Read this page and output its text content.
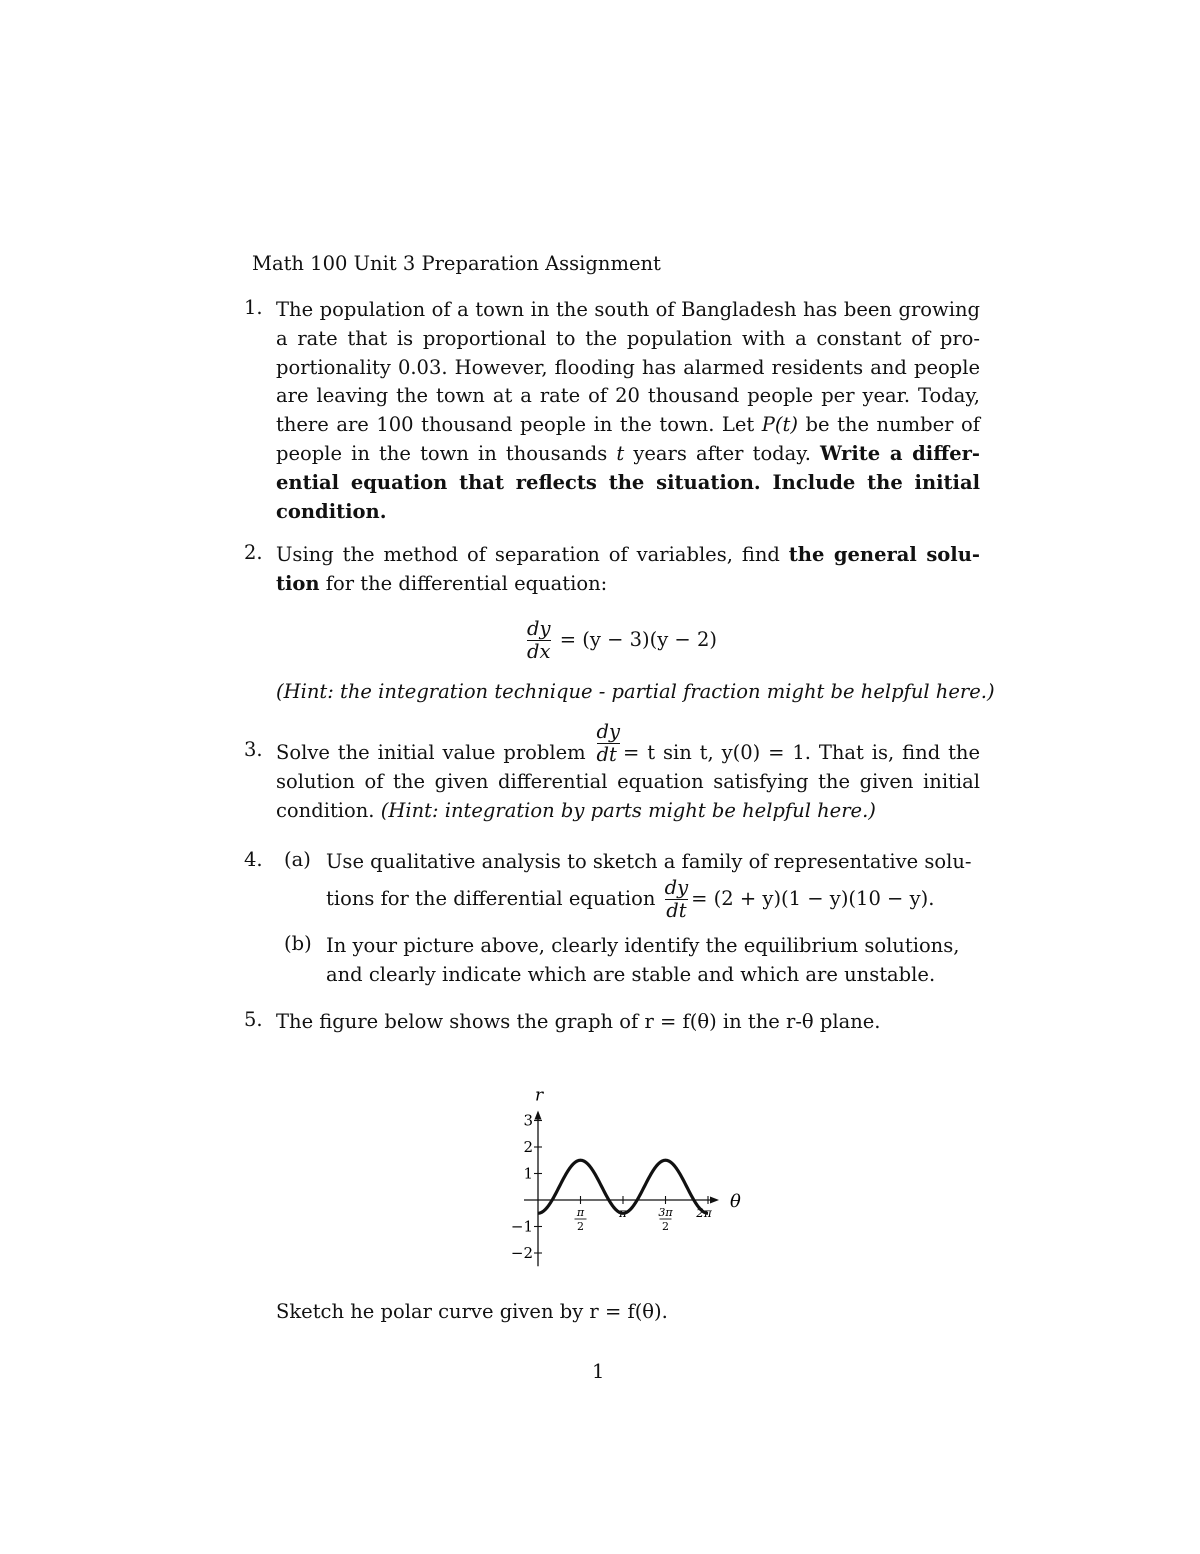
Math 100 Unit 3 Preparation Assignment
1. The population of a town in the south of Bangladesh has been growing
a rate that is proportional to the population with a constant of pro-
portionality 0.03. However, flooding has alarmed residents and people
are leaving the town at a rate of 20 thousand people per year. Today,
there are 100 thousand people in the town. Let P(t) be the number of
people in the town in thousands t years after today. Write a differ-
ential equation that reflects the situation. Include the initial
condition.
2. Using the method of separation of variables, find the general solu-
tion for the differential equation:
$\frac{dy}{dx} = (y - 3)(y - 2)$
(Hint: the integration technique - partial fraction might be helpful here.)
3. Solve the initial value problem $\frac{dy}{dt} = t$ sin t, y(0) = 1. That is, find the
solution of the given differential equation satisfying the given initial
condition. (Hint: integration by parts might be helpful here.)
4. (a) Use qualitative analysis to sketch a family of representative solu-
tions for the differential equation $\frac{dy}{dt} = (2 + y)(1 - y)(10 - y)$.
(b) In your picture above, clearly identify the equilibrium solutions,
and clearly indicate which are stable and which are unstable.
5. The figure below shows the graph of r = f(θ) in the r-θ plane.
r
θ
3
2
1
−1
−2
π
2
π	3π
2
2π
Sketch he polar curve given by r = f(θ).
1
